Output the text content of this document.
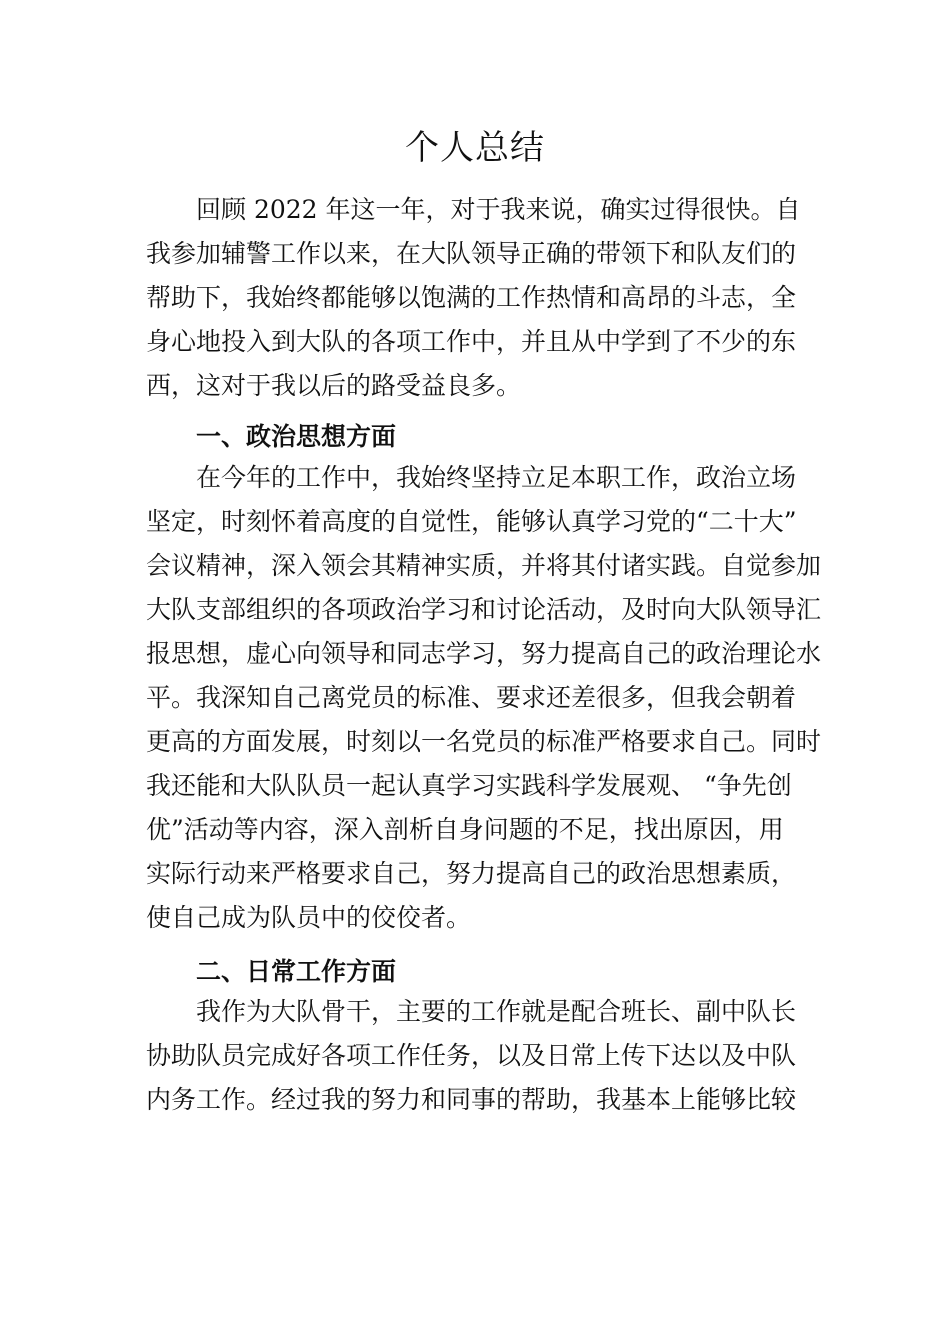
个人总结
回顾 2022 年这一年，对于我来说，确实过得很快。自
我参加辅警工作以来，在大队领导正确的带领下和队友们的
帮助下，我始终都能够以饱满的工作热情和高昂的斗志，全
身心地投入到大队的各项工作中，并且从中学到了不少的东
西，这对于我以后的路受益良多。
一、政治思想方面
在今年的工作中，我始终坚持立足本职工作，政治立场
坚定，时刻怀着高度的自觉性，能够认真学习党的“二十大”
会议精神，深入领会其精神实质，并将其付诸实践。自觉参加
大队支部组织的各项政治学习和讨论活动，及时向大队领导汇
报思想，虚心向领导和同志学习，努力提高自己的政治理论水
平。我深知自己离党员的标准、要求还差很多，但我会朝着
更高的方面发展，时刻以一名党员的标准严格要求自己。同时
我还能和大队队员一起认真学习实践科学发展观、 “争先创
优”活动等内容，深入剖析自身问题的不足，找出原因，用
实际行动来严格要求自己，努力提高自己的政治思想素质，
使自己成为队员中的佼佼者。
二、日常工作方面
我作为大队骨干，主要的工作就是配合班长、副中队长
协助队员完成好各项工作任务，以及日常上传下达以及中队
内务工作。经过我的努力和同事的帮助，我基本上能够比较
